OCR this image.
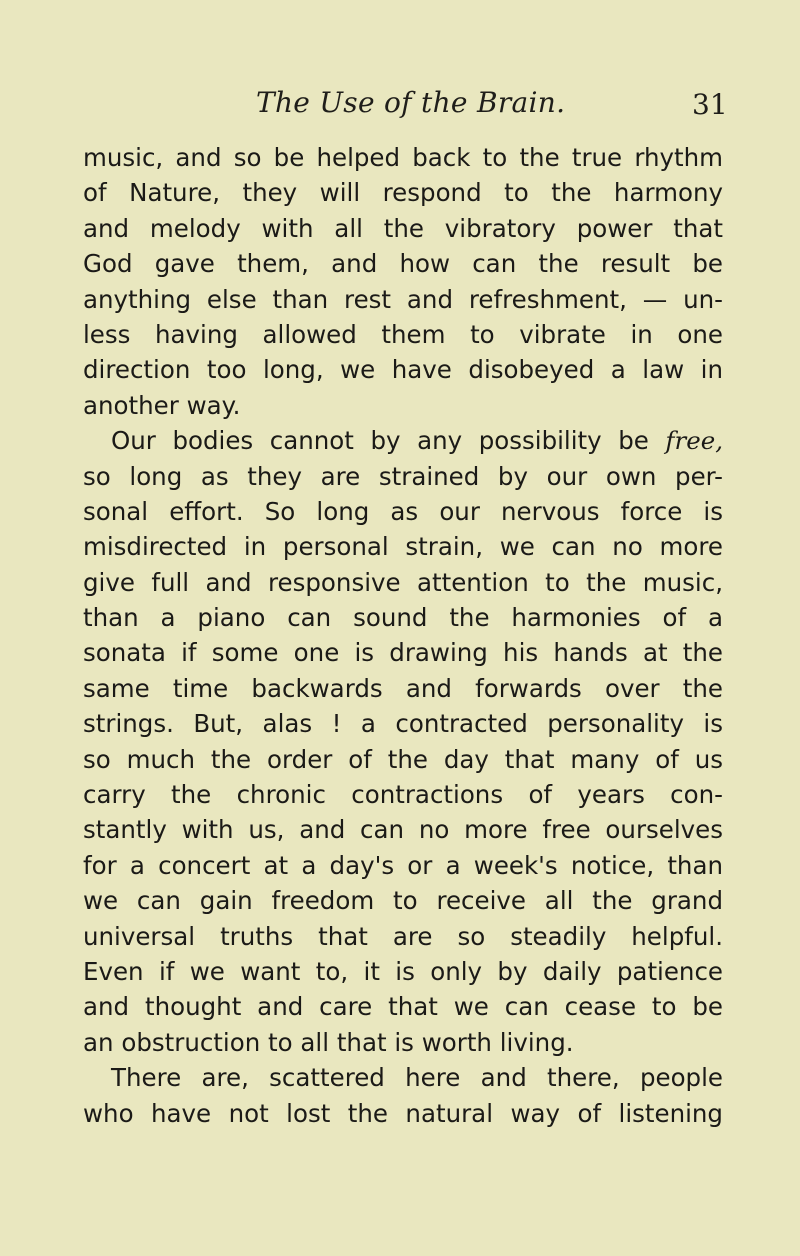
The Use of the Brain.	31
music, and so be helped back to the true rhythm
of Nature, they will respond to the harmony
and melody with all the vibratory power that
God gave them, and how can the result be
anything else than rest and refreshment, — un-
less having allowed them to vibrate in one
direction too long, we have disobeyed a law in
another way.
Our bodies cannot by any possibility be free,
so long as they are strained by our own per-
sonal effort. So long as our nervous force is
misdirected in personal strain, we can no more
give full and responsive attention to the music,
than a piano can sound the harmonies of a
sonata if some one is drawing his hands at the
same time backwards and forwards over the
strings. But, alas ! a contracted personality is
so much the order of the day that many of us
carry the chronic contractions of years con-
stantly with us, and can no more free ourselves
for a concert at a day's or a week's notice, than
we can gain freedom to receive all the grand
universal truths that are so steadily helpful.
Even if we want to, it is only by daily patience
and thought and care that we can cease to be
an obstruction to all that is worth living.
There are, scattered here and there, people
who have not lost the natural way of listening
